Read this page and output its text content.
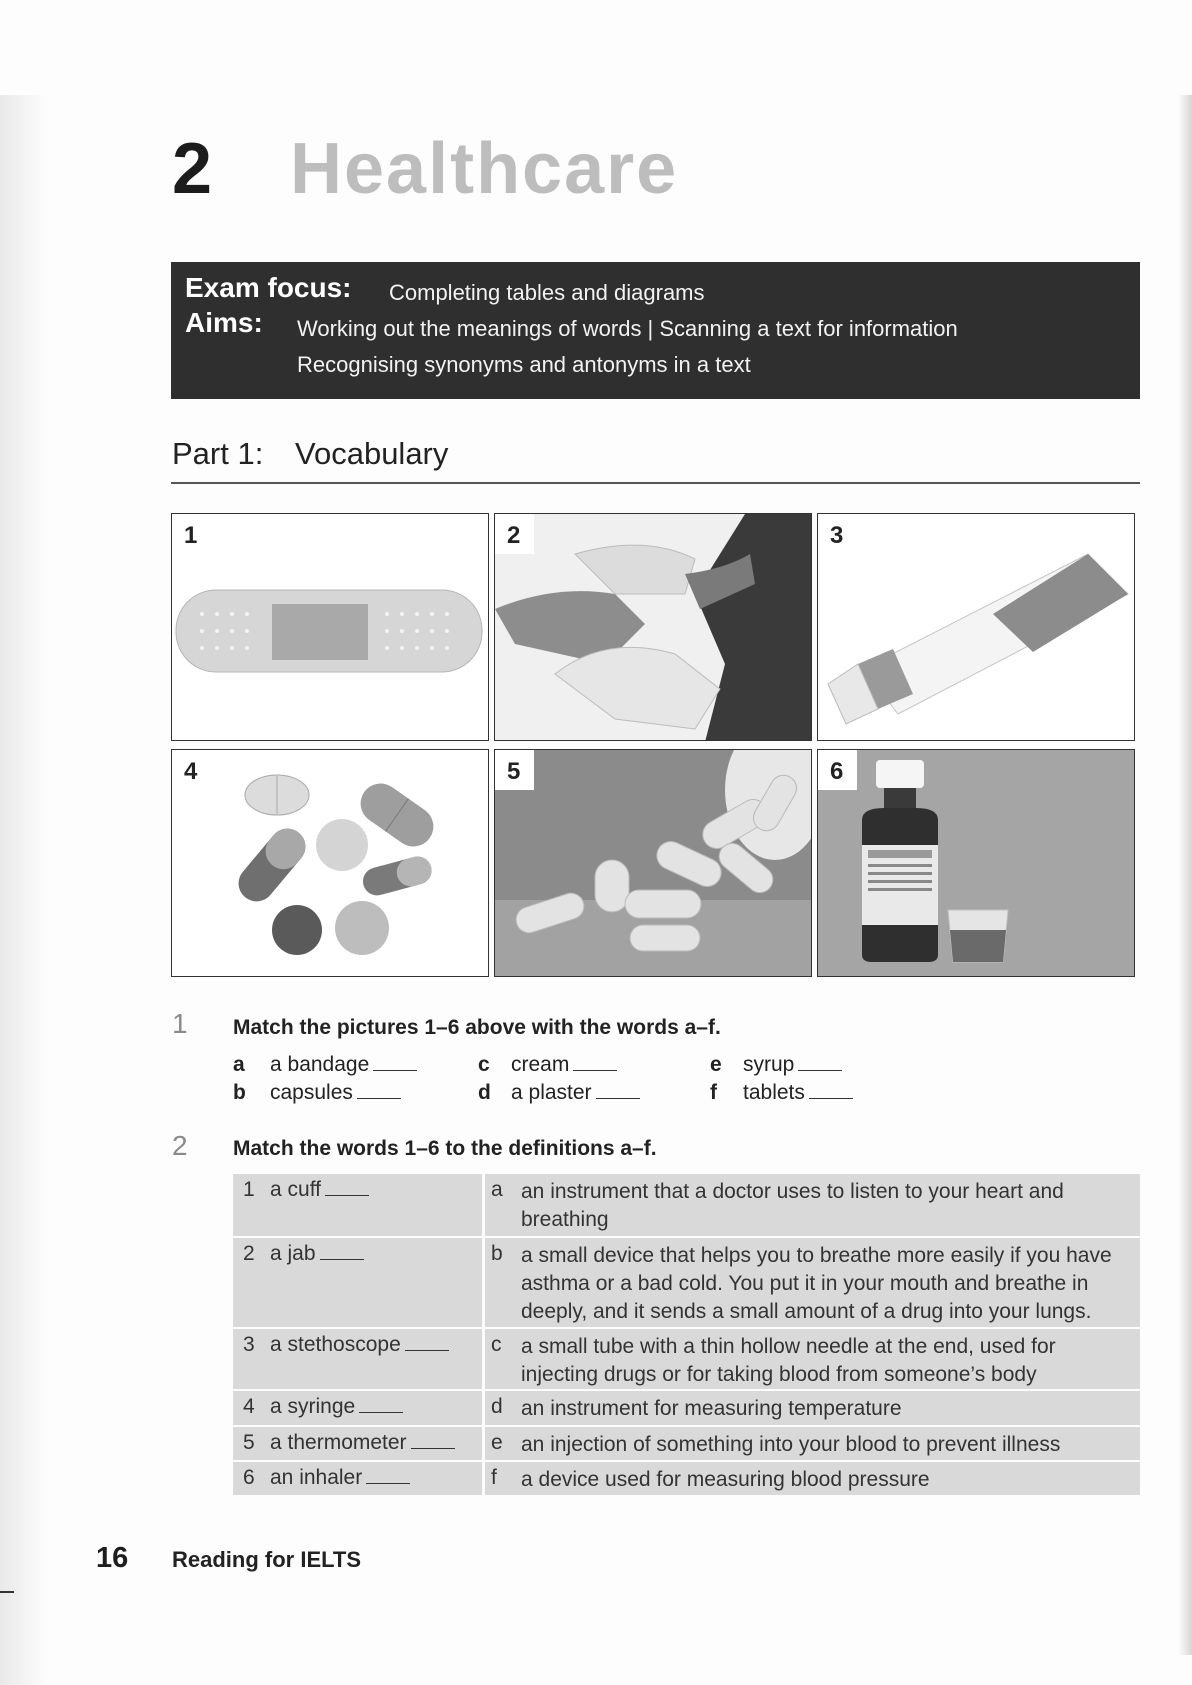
2 Healthcare
Exam focus: Completing tables and diagrams
Aims: Working out the meanings of words | Scanning a text for information
Recognising synonyms and antonyms in a text
Part 1: Vocabulary
1	2	3
4	5	6
1 Match the pictures 1–6 above with the words a–f.
a a bandage
b capsules
c cream
d a plaster
e syrup
f tablets
2 Match the words 1–6 to the definitions a–f.
1 a cuff	a an instrument that a doctor uses to listen to your heart and breathing
2 a jab	b a small device that helps you to breathe more easily if you have asthma or a bad cold. You put it in your mouth and breathe in deeply, and it sends a small amount of a drug into your lungs.
3 a stethoscope	c a small tube with a thin hollow needle at the end, used for injecting drugs or for taking blood from someone’s body
4 a syringe	d an instrument for measuring temperature
5 a thermometer	e an injection of something into your blood to prevent illness
6 an inhaler	f a device used for measuring blood pressure
16 Reading for IELTS
